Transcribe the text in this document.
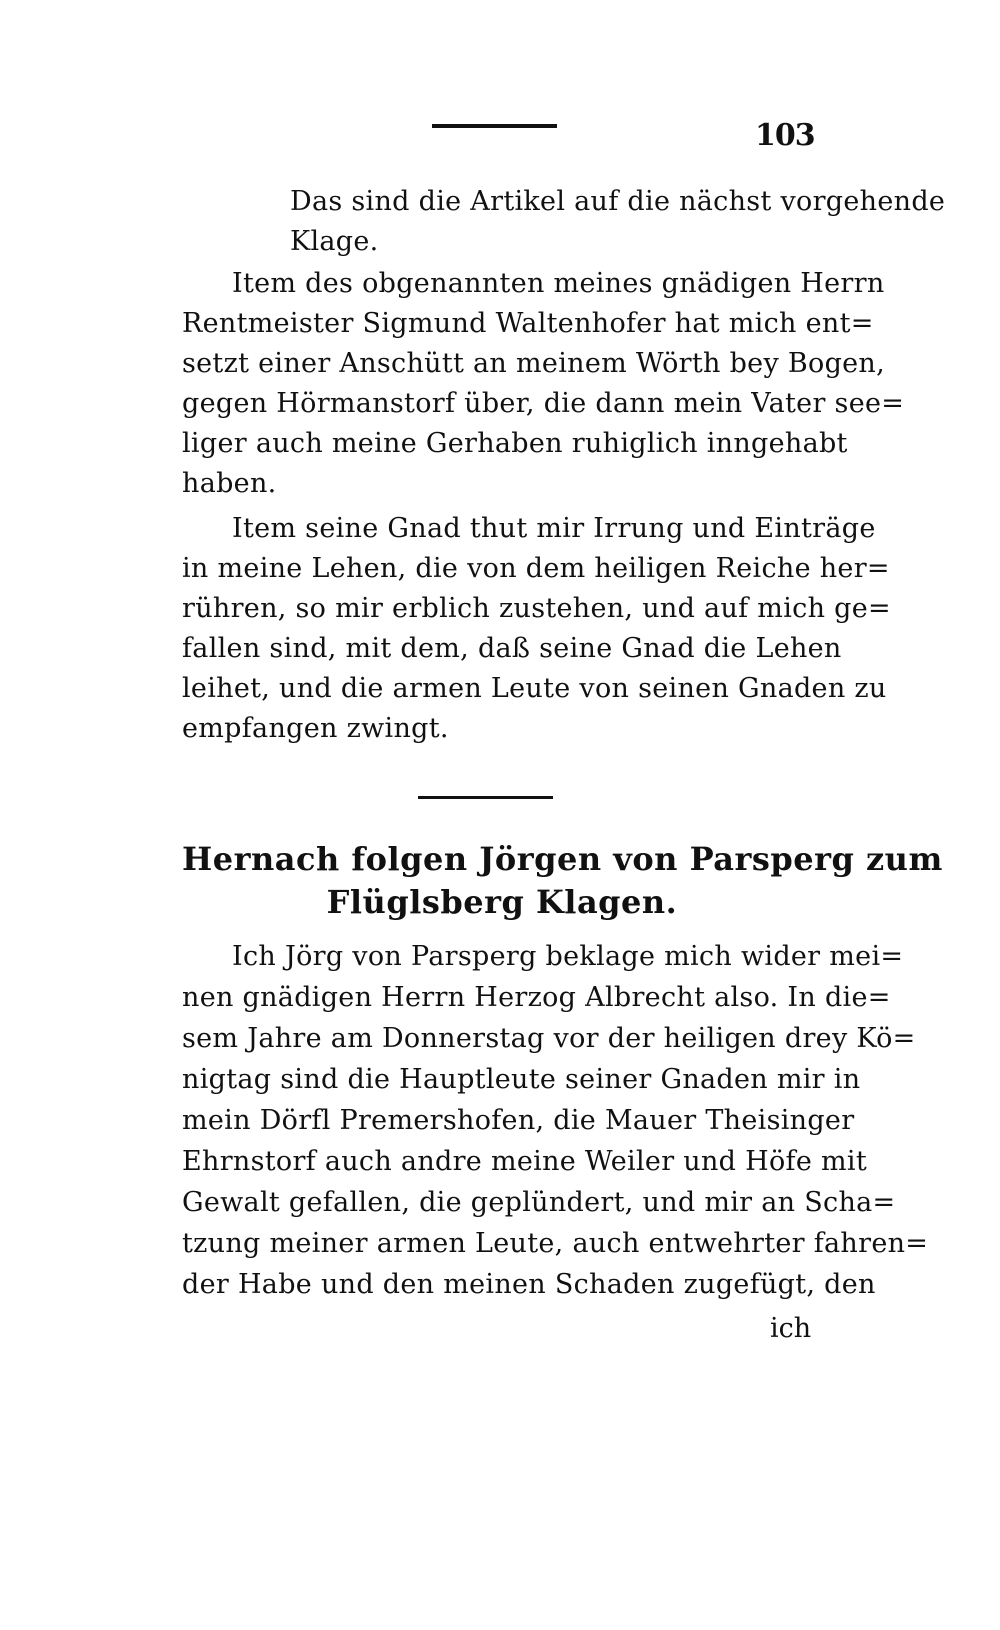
103
Das sind die Artikel auf die nächst vorgehende
Klage.
Item des obgenannten meines gnädigen Herrn
Rentmeister Sigmund Waltenhofer hat mich ent=
setzt einer Anschütt an meinem Wörth bey Bogen,
gegen Hörmanstorf über, die dann mein Vater see=
liger auch meine Gerhaben ruhiglich inngehabt
haben.
Item seine Gnad thut mir Irrung und Einträge
in meine Lehen, die von dem heiligen Reiche her=
rühren, so mir erblich zustehen, und auf mich ge=
fallen sind, mit dem, daß seine Gnad die Lehen
leihet, und die armen Leute von seinen Gnaden zu
empfangen zwingt.
Hernach folgen Jörgen von Parsperg zum
Flüglsberg Klagen.
Ich Jörg von Parsperg beklage mich wider mei=
nen gnädigen Herrn Herzog Albrecht also. In die=
sem Jahre am Donnerstag vor der heiligen drey Kö=
nigtag sind die Hauptleute seiner Gnaden mir in
mein Dörfl Premershofen, die Mauer Theisinger
Ehrnstorf auch andre meine Weiler und Höfe mit
Gewalt gefallen, die geplündert, und mir an Scha=
tzung meiner armen Leute, auch entwehrter fahren=
der Habe und den meinen Schaden zugefügt, den
ich
